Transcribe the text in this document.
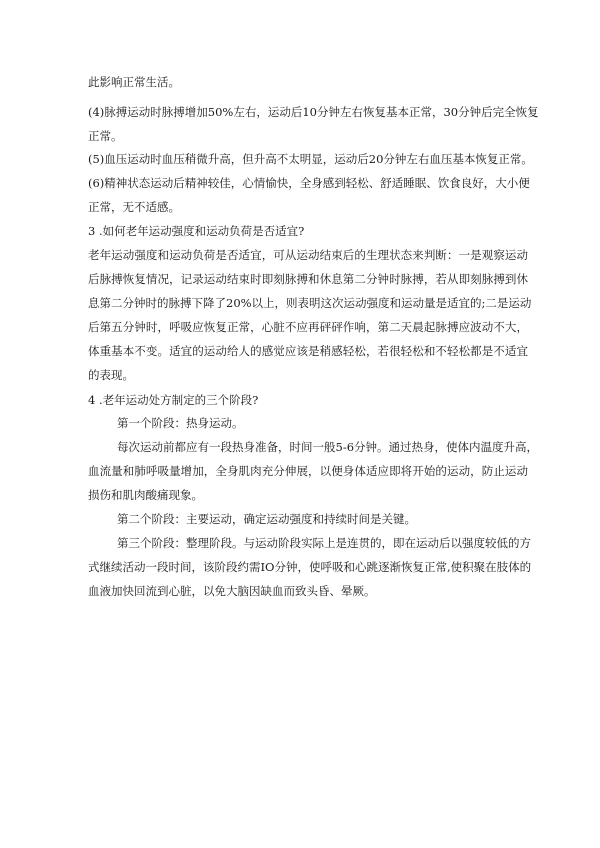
此影响正常生活。
(4)脉搏运动时脉搏增加50%左右，运动后10分钟左右恢复基本正常，30分钟后完全恢复
正常。
(5)血压运动时血压稍微升高，但升高不太明显，运动后20分钟左右血压基本恢复正常。
(6)精神状态运动后精神较佳，心情愉快，全身感到轻松、舒适睡眠、饮食良好，大小便
正常，无不适感。
3 .如何老年运动强度和运动负荷是否适宜?
老年运动强度和运动负荷是否适宜，可从运动结束后的生理状态来判断：一是观察运动
后脉搏恢复情况，记录运动结束时即刻脉搏和休息第二分钟时脉搏，若从即刻脉搏到休
息第二分钟时的脉搏下降了20%以上，则表明这次运动强度和运动量是适宜的;二是运动
后第五分钟时，呼吸应恢复正常，心脏不应再砰砰作响，第二天晨起脉搏应波动不大，
体重基本不变。适宜的运动给人的感觉应该是稍感轻松，若很轻松和不轻松都是不适宜
的表现。
4 .老年运动处方制定的三个阶段?
第一个阶段：热身运动。
每次运动前都应有一段热身准备，时间一般5-6分钟。通过热身，使体内温度升高，
血流量和肺呼吸量增加，全身肌肉充分伸展，以便身体适应即将开始的运动，防止运动
损伤和肌肉酸痛现象。
第二个阶段：主要运动，确定运动强度和持续时间是关键。
第三个阶段：整理阶段。与运动阶段实际上是连贯的，即在运动后以强度较低的方
式继续活动一段时间，该阶段约需IO分钟，使呼吸和心跳逐渐恢复正常,使积聚在肢体的
血液加快回流到心脏，以免大脑因缺血而致头昏、晕厥。
